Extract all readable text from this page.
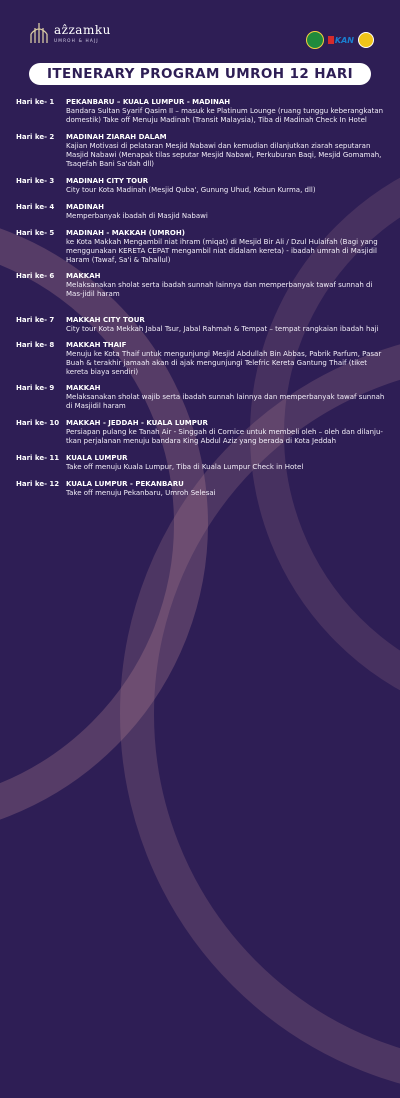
aẑzamku
UMROH & HAJJ	KAN
ITENERARY PROGRAM UMROH 12 HARI
Hari ke- 1	PEKANBARU – KUALA LUMPUR - MADINAH
Bandara Sultan Syarif Qasim II – masuk ke Platinum Lounge (ruang tunggu keberangkatan domestik) Take off Menuju Madinah (Transit Malaysia), Tiba di Madinah Check In Hotel
Hari ke- 2	MADINAH ZIARAH DALAM
Kajian Motivasi di pelataran Mesjid Nabawi dan kemudian dilanjutkan ziarah seputaran Masjid Nabawi (Menapak tilas seputar Mesjid Nabawi, Perkuburan Baqi, Mesjid Gomamah, Tsaqefah Bani Sa'dah dll)
Hari ke- 3	MADINAH CITY TOUR
City tour Kota Madinah (Mesjid Quba', Gunung Uhud, Kebun Kurma, dll)
Hari ke- 4	MADINAH
Memperbanyak ibadah di Masjid Nabawi
Hari ke- 5	MADINAH - MAKKAH (UMROH)
ke Kota Makkah Mengambil niat ihram (miqat) di Mesjid Bir Ali / Dzul Hulaifah (Bagi yang menggunakan KERETA CEPAT mengambil niat didalam kereta) - ibadah umrah di Masjidil Haram (Tawaf, Sa'i & Tahallul)
Hari ke- 6	MAKKAH
Melaksanakan sholat serta ibadah sunnah lainnya dan memperbanyak tawaf sunnah di Mas-jidil haram
Hari ke- 7	MAKKAH CITY TOUR
City tour Kota Mekkah Jabal Tsur, Jabal Rahmah & Tempat – tempat rangkaian ibadah haji
Hari ke- 8	MAKKAH THAIF
Menuju ke Kota Thaif untuk mengunjungi Mesjid Abdullah Bin Abbas, Pabrik Parfum, Pasar Buah & terakhir jamaah akan di ajak mengunjungi Telefric Kereta Gantung Thaif (tiket kereta biaya sendiri)
Hari ke- 9	MAKKAH
Melaksanakan sholat wajib serta ibadah sunnah lainnya dan memperbanyak tawaf sunnah di Masjidil haram
Hari ke- 10 MAKKAH - JEDDAH - KUALA LUMPUR
Persiapan pulang ke Tanah Air - Singgah di Cornice untuk membeli oleh – oleh dan dilanju-tkan perjalanan menuju bandara King Abdul Aziz yang berada di Kota Jeddah
Hari ke- 11 KUALA LUMPUR
Take off menuju Kuala Lumpur, Tiba di Kuala Lumpur Check in Hotel
Hari ke- 12 KUALA LUMPUR - PEKANBARU
Take off menuju Pekanbaru, Umroh Selesai
